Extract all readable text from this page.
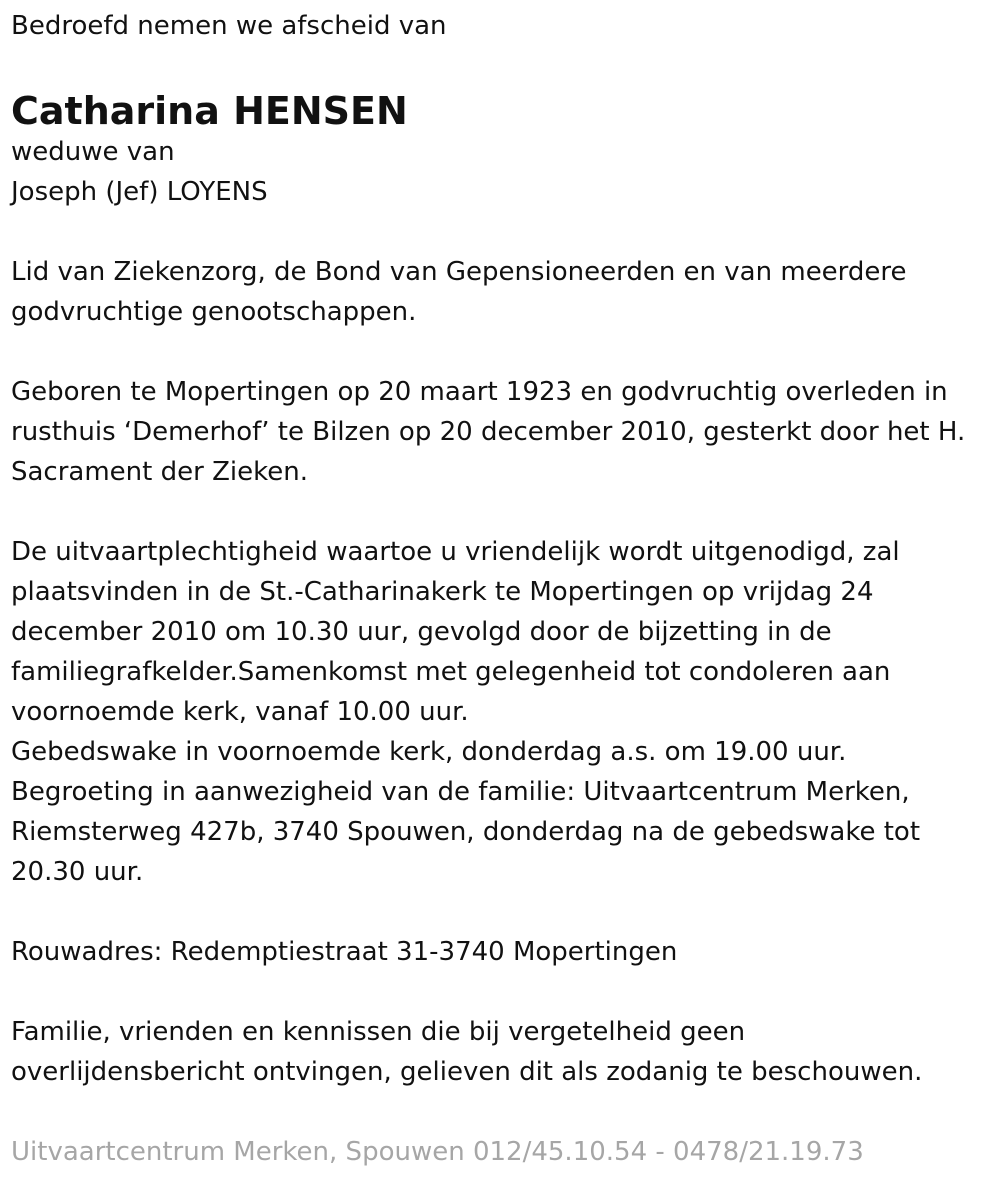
Bedroefd nemen we afscheid van

Catharina HENSEN

weduwe van

Joseph (Jef) LOYENS

Lid van Ziekenzorg, de Bond van Gepensioneerden en van meerdere

godvruchtige genootschappen.

Geboren te Mopertingen op 20 maart 1923 en godvruchtig overleden in

rusthuis ‘Demerhof’ te Bilzen op 20 december 2010, gesterkt door het H.

Sacrament der Zieken.

De uitvaartplechtigheid waartoe u vriendelijk wordt uitgenodigd, zal

plaatsvinden in de St.-Catharinakerk te Mopertingen op vrijdag 24

december 2010 om 10.30 uur, gevolgd door de bijzetting in de

familiegrafkelder.Samenkomst met gelegenheid tot condoleren aan

voornoemde kerk, vanaf 10.00 uur.

Gebedswake in voornoemde kerk, donderdag a.s. om 19.00 uur.

Begroeting in aanwezigheid van de familie: Uitvaartcentrum Merken,

Riemsterweg 427b, 3740 Spouwen, donderdag na de gebedswake tot

20.30 uur.

Rouwadres: Redemptiestraat 31-3740 Mopertingen

Familie, vrienden en kennissen die bij vergetelheid geen

overlijdensbericht ontvingen, gelieven dit als zodanig te beschouwen.

Uitvaartcentrum Merken, Spouwen 012/45.10.54 - 0478/21.19.73
